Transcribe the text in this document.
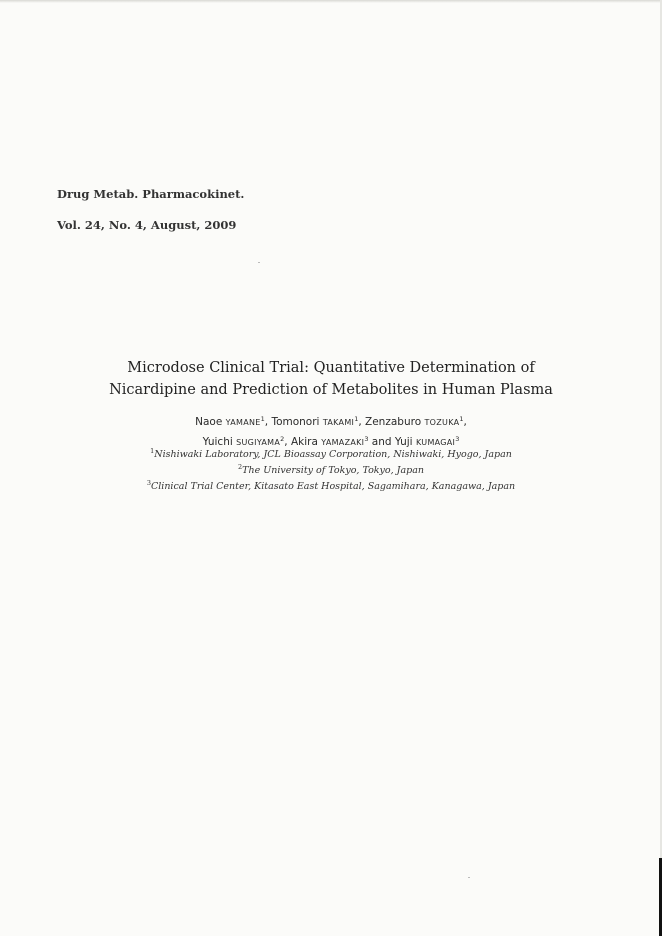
Drug Metab. Pharmacokinet.
Vol. 24, No. 4, August, 2009
Microdose Clinical Trial: Quantitative Determination of
Nicardipine and Prediction of Metabolites in Human Plasma
Naoe YAMANE$^1$, Tomonori TAKAMI$^1$, Zenzaburo TOZUKA$^1$,
Yuichi SUGIYAMA$^2$, Akira YAMAZAKI$^3$ and Yuji KUMAGAI$^3$
$^1$Nishiwaki Laboratory, JCL Bioassay Corporation, Nishiwaki, Hyogo, Japan
$^2$The University of Tokyo, Tokyo, Japan
$^3$Clinical Trial Center, Kitasato East Hospital, Sagamihara, Kanagawa, Japan
